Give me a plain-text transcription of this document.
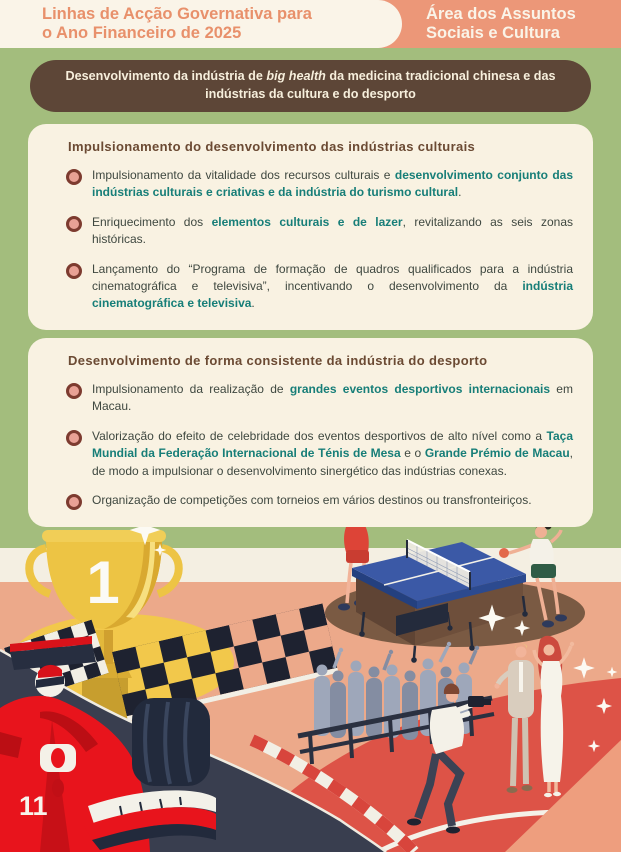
Linhas de Acção Governativa para
o Ano Financeiro de 2025
Área dos Assuntos
Sociais e Cultura
Desenvolvimento da indústria de big health da medicina tradicional chinesa e das indústrias da cultura e do desporto
Impulsionamento do desenvolvimento das indústrias culturais

Impulsionamento da vitalidade dos recursos culturais e desenvolvimento conjunto das indústrias culturais e criativas e da indústria do turismo cultural.

Enriquecimento dos elementos culturais e de lazer, revitalizando as seis zonas históricas.

Lançamento do “Programa de formação de quadros qualificados para a indústria cinematográfica e televisiva”, incentivando o desenvolvimento da indústria cinematográfica e televisiva.

Desenvolvimento de forma consistente da indústria do desporto

Impulsionamento da realização de grandes eventos desportivos internacionais em Macau.

Valorização do efeito de celebridade dos eventos desportivos de alto nível como a Taça Mundial da Federação Internacional de Ténis de Mesa e o Grande Prémio de Macau, de modo a impulsionar o desenvolvimento sinergético das indústrias conexas.

Organização de competições com torneios em vários destinos ou transfronteiriços.

1
11
